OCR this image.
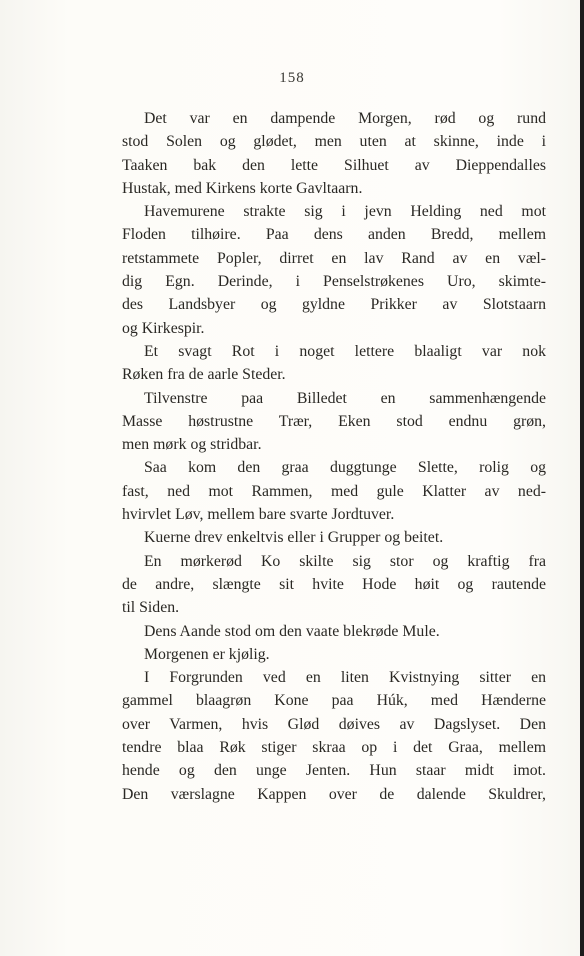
158
Det var en dampende Morgen, rød og rund
stod Solen og glødet, men uten at skinne, inde i
Taaken bak den lette Silhuet av Dieppendalles
Hustak, med Kirkens korte Gavltaarn.
Havemurene strakte sig i jevn Helding ned mot
Floden tilhøire. Paa dens anden Bredd, mellem
retstammete Popler, dirret en lav Rand av en væl-
dig Egn. Derinde, i Penselstrøkenes Uro, skimte-
des Landsbyer og gyldne Prikker av Slotstaarn
og Kirkespir.
Et svagt Rot i noget lettere blaaligt var nok
Røken fra de aarle Steder.
Tilvenstre paa Billedet en sammenhængende
Masse høstrustne Trær, Eken stod endnu grøn,
men mørk og stridbar.
Saa kom den graa duggtunge Slette, rolig og
fast, ned mot Rammen, med gule Klatter av ned-
hvirvlet Løv, mellem bare svarte Jordtuver.
Kuerne drev enkeltvis eller i Grupper og beitet.
En mørkerød Ko skilte sig stor og kraftig fra
de andre, slængte sit hvite Hode høit og rautende
til Siden.
Dens Aande stod om den vaate blekrøde Mule.
Morgenen er kjølig.
I Forgrunden ved en liten Kvistnying sitter en
gammel blaagrøn Kone paa Húk, med Hænderne
over Varmen, hvis Glød døives av Dagslyset. Den
tendre blaa Røk stiger skraa op i det Graa, mellem
hende og den unge Jenten. Hun staar midt imot.
Den værslagne Kappen over de dalende Skuldrer,
